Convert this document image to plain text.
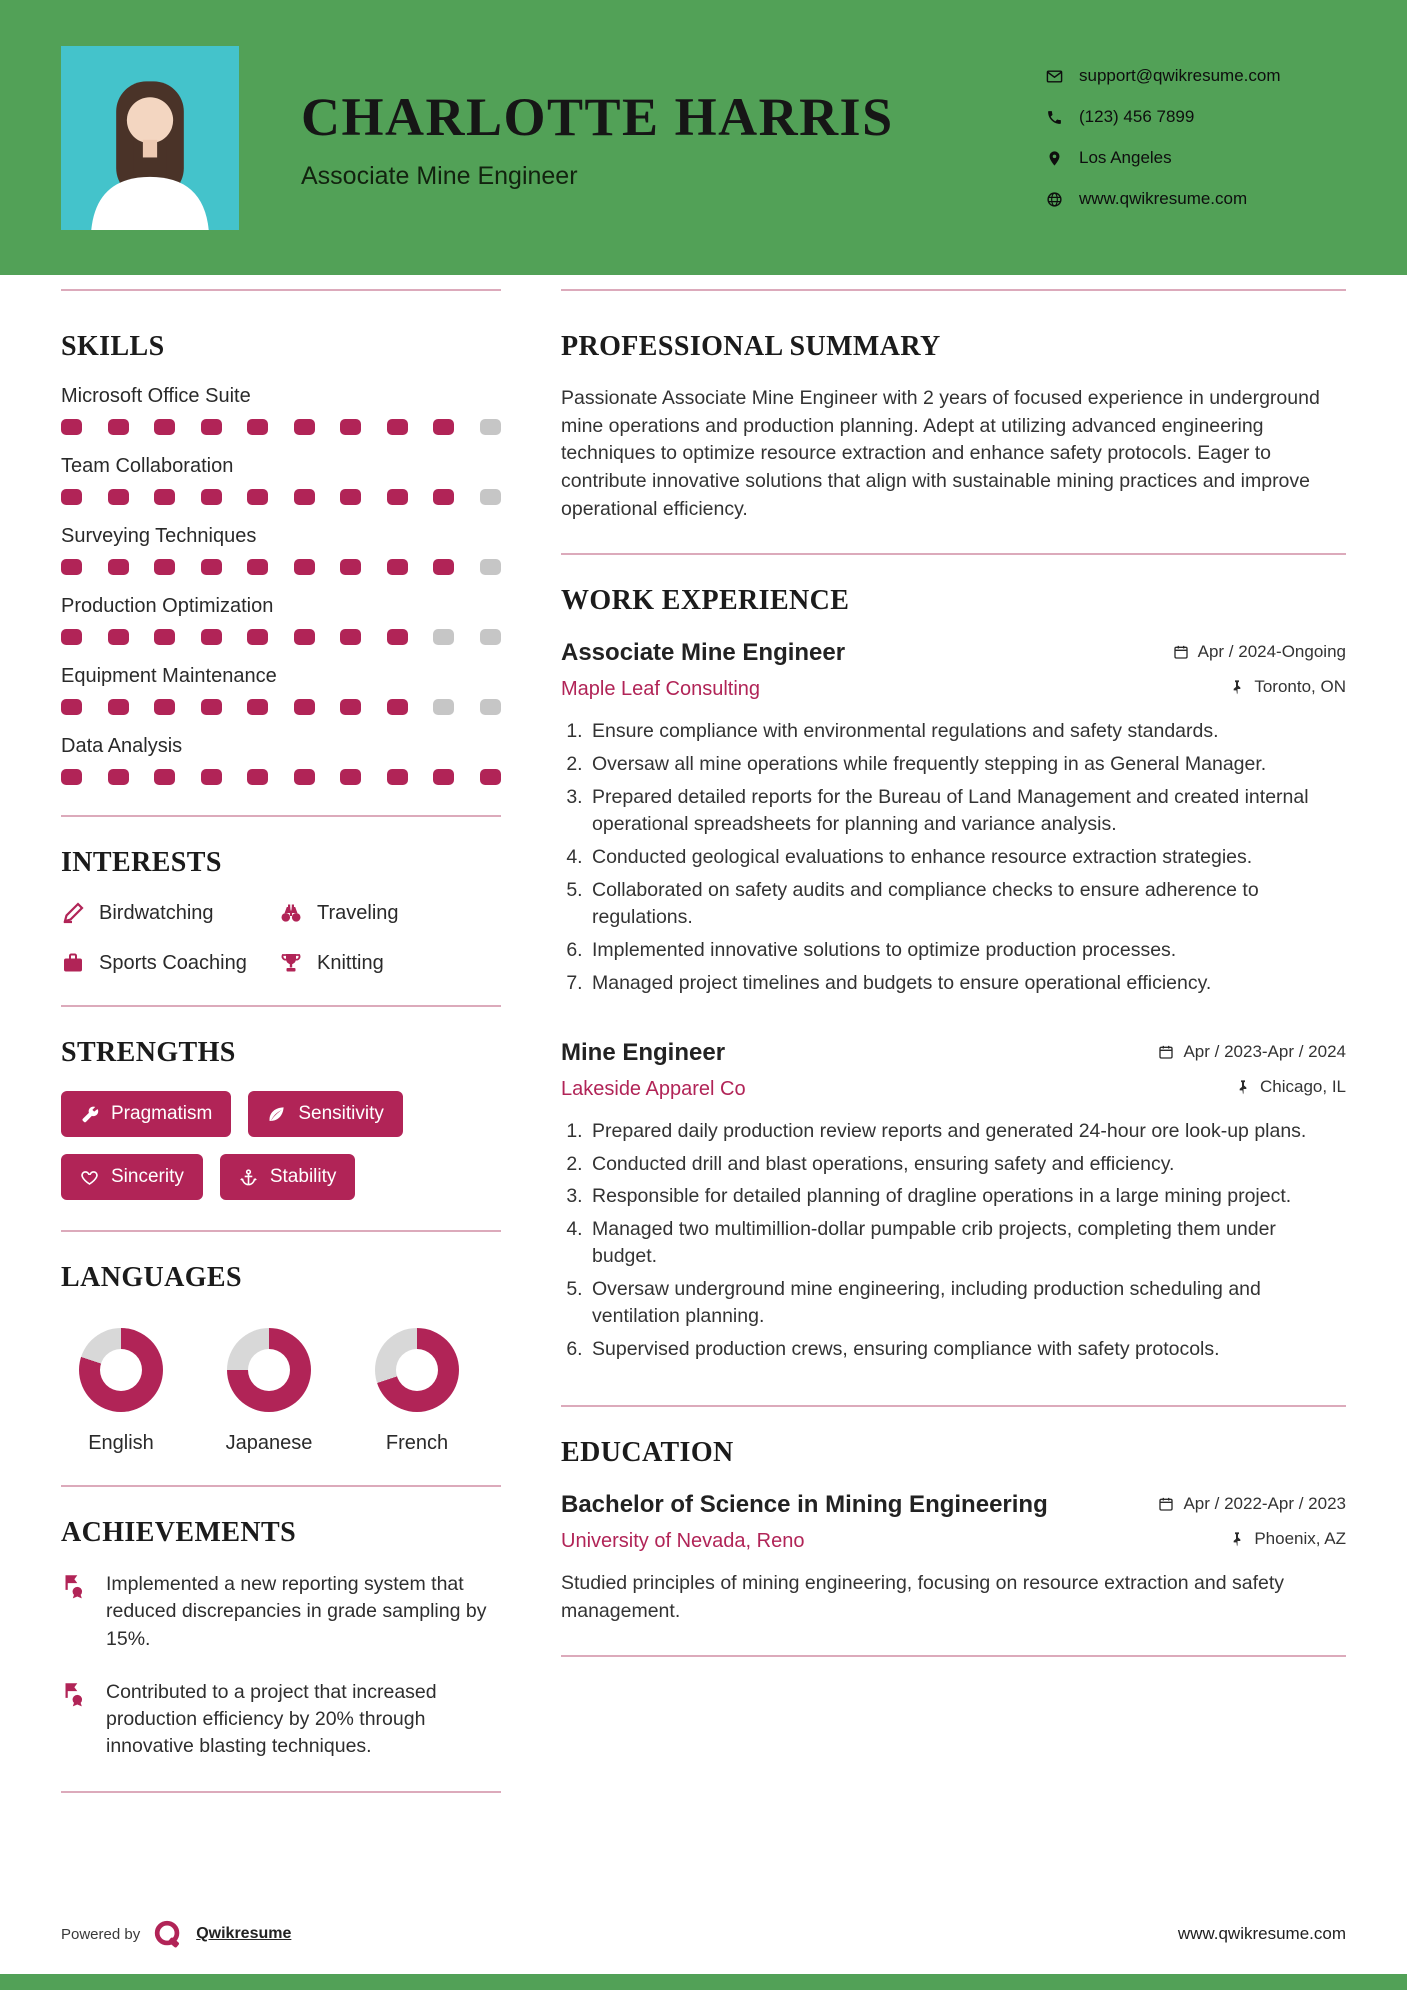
CHARLOTTE HARRIS
Associate Mine Engineer
support@qwikresume.com
(123) 456 7899
Los Angeles
www.qwikresume.com
SKILLS
Microsoft Office Suite
Team Collaboration
Surveying Techniques
Production Optimization
Equipment Maintenance
Data Analysis
INTERESTS
Birdwatching	Traveling
Sports Coaching	Knitting
STRENGTHS
Pragmatism	Sensitivity
Sincerity	Stability
LANGUAGES
English	Japanese	French
ACHIEVEMENTS

Implemented a new reporting system that reduced discrepancies in grade sampling by 15%.

Contributed to a project that increased production efficiency by 20% through innovative blasting techniques.

PROFESSIONAL SUMMARY

Passionate Associate Mine Engineer with 2 years of focused experience in underground mine operations and production planning. Adept at utilizing advanced engineering techniques to optimize resource extraction and enhance safety protocols. Eager to contribute innovative solutions that align with sustainable mining practices and improve operational efficiency.

WORK EXPERIENCE
Associate Mine Engineer	Apr / 2024-Ongoing
Maple Leaf Consulting	Toronto, ON
1. Ensure compliance with environmental regulations and safety standards.
2. Oversaw all mine operations while frequently stepping in as General Manager.
3. Prepared detailed reports for the Bureau of Land Management and created internal operational spreadsheets for planning and variance analysis.
4. Conducted geological evaluations to enhance resource extraction strategies.
5. Collaborated on safety audits and compliance checks to ensure adherence to regulations.
6. Implemented innovative solutions to optimize production processes.
7. Managed project timelines and budgets to ensure operational efficiency.
Mine Engineer	Apr / 2023-Apr / 2024
Lakeside Apparel Co	Chicago, IL
1. Prepared daily production review reports and generated 24-hour ore look-up plans.
2. Conducted drill and blast operations, ensuring safety and efficiency.
3. Responsible for detailed planning of dragline operations in a large mining project.
4. Managed two multimillion-dollar pumpable crib projects, completing them under budget.
5. Oversaw underground mine engineering, including production scheduling and ventilation planning.
6. Supervised production crews, ensuring compliance with safety protocols.
EDUCATION
Bachelor of Science in Mining Engineering	Apr / 2022-Apr / 2023
University of Nevada, Reno	Phoenix, AZ

Studied principles of mining engineering, focusing on resource extraction and safety management.

Powered by	Qwikresume	www.qwikresume.com
